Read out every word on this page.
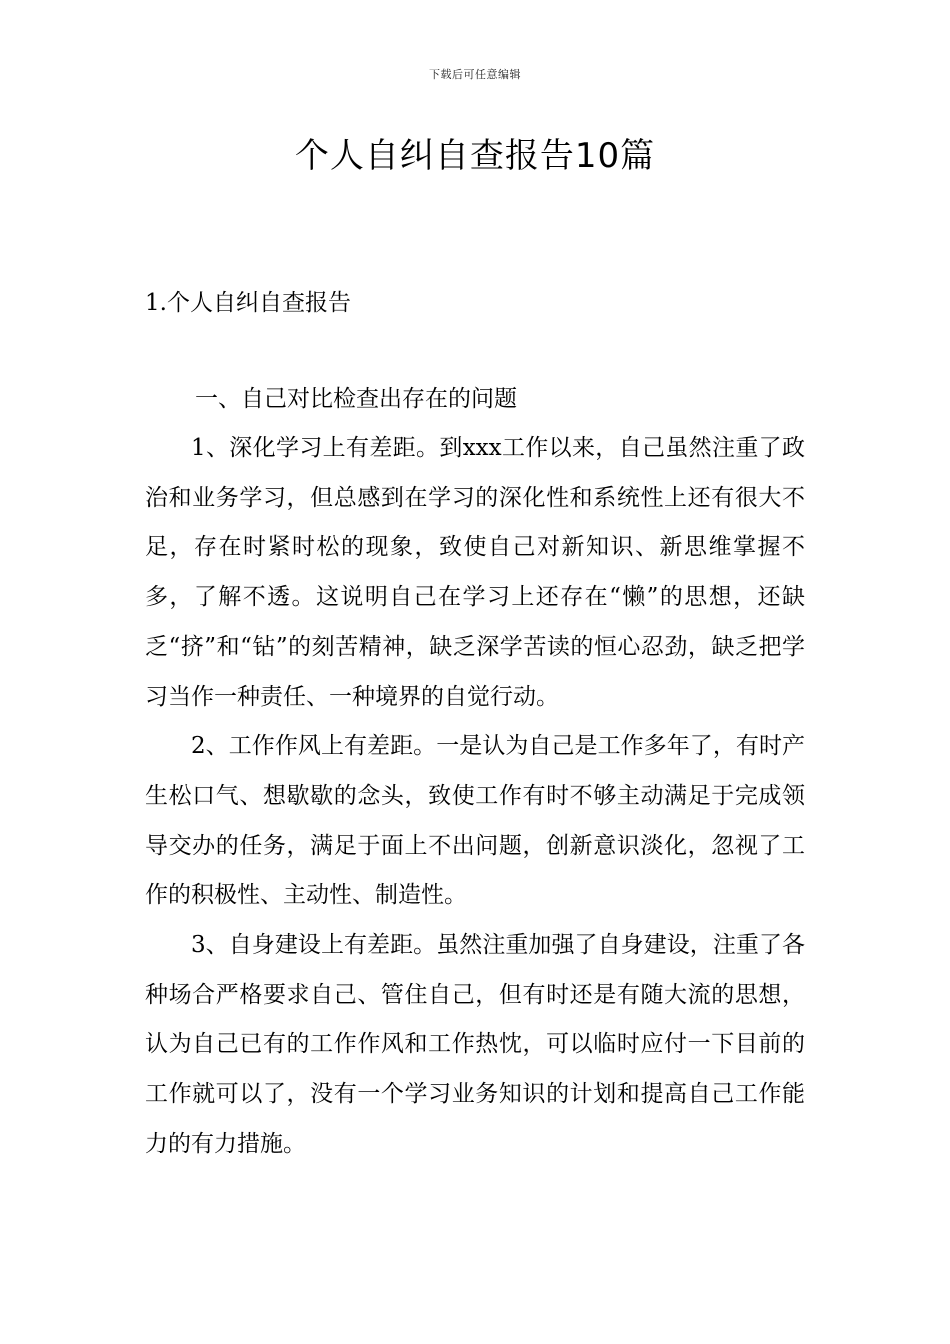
下载后可任意编辑
个人自纠自查报告10篇
1.个人自纠自查报告
一、自己对比检查出存在的问题

1、深化学习上有差距。到xxx工作以来，自己虽然注重了政治和业务学习，但总感到在学习的深化性和系统性上还有很大不足，存在时紧时松的现象，致使自己对新知识、新思维掌握不多，了解不透。这说明自己在学习上还存在“懒”的思想，还缺乏“挤”和“钻”的刻苦精神，缺乏深学苦读的恒心忍劲，缺乏把学习当作一种责任、一种境界的自觉行动。

2、工作作风上有差距。一是认为自己是工作多年了，有时产生松口气、想歇歇的念头，致使工作有时不够主动满足于完成领导交办的任务，满足于面上不出问题，创新意识淡化，忽视了工作的积极性、主动性、制造性。

3、自身建设上有差距。虽然注重加强了自身建设，注重了各种场合严格要求自己、管住自己，但有时还是有随大流的思想，认为自己已有的工作作风和工作热忱，可以临时应付一下目前的工作就可以了，没有一个学习业务知识的计划和提高自己工作能力的有力措施。
